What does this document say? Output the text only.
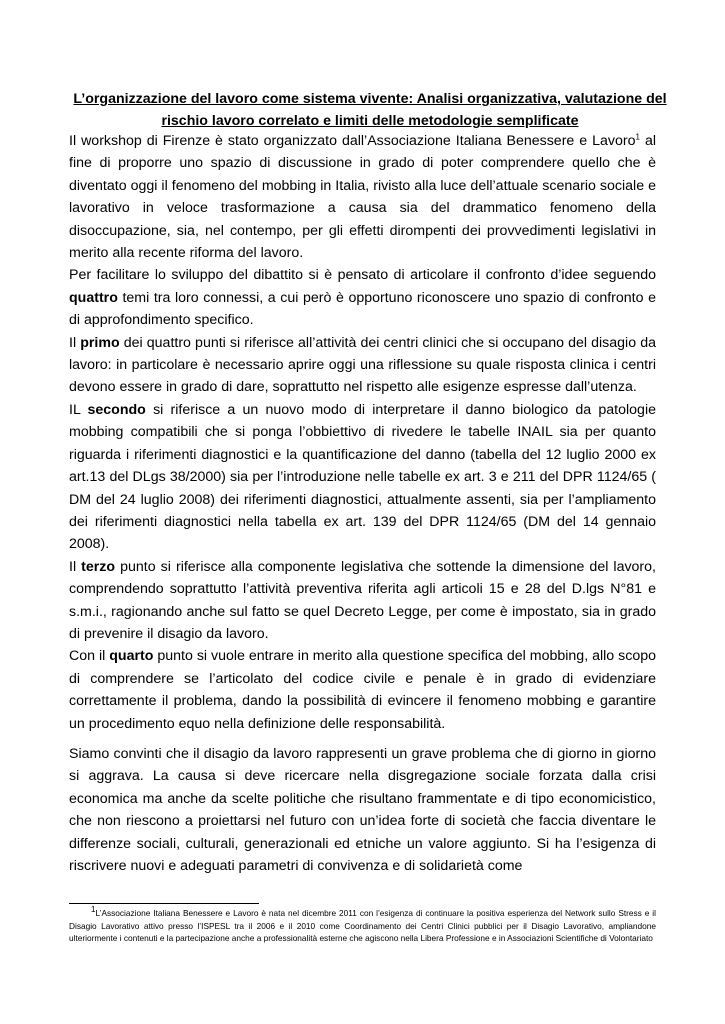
L’organizzazione del lavoro come sistema vivente: Analisi organizzativa, valutazione del rischio lavoro correlato e limiti delle metodologie semplificate

Il workshop di Firenze è stato organizzato dall’Associazione Italiana Benessere e Lavoro$^1$ al fine di proporre uno spazio di discussione in grado di poter comprendere quello che è diventato oggi il fenomeno del mobbing in Italia, rivisto alla luce dell’attuale scenario sociale e lavorativo in veloce trasformazione a causa sia del drammatico fenomeno della disoccupazione, sia, nel contempo, per gli effetti dirompenti dei provvedimenti legislativi in merito alla recente riforma del lavoro.

Per facilitare lo sviluppo del dibattito si è pensato di articolare il confronto d’idee seguendo quattro temi tra loro connessi, a cui però è opportuno riconoscere uno spazio di confronto e di approfondimento specifico.

Il primo dei quattro punti si riferisce all’attività dei centri clinici che si occupano del disagio da lavoro: in particolare è necessario aprire oggi una riflessione su quale risposta clinica i centri devono essere in grado di dare, soprattutto nel rispetto alle esigenze espresse dall’utenza.

IL secondo si riferisce a un nuovo modo di interpretare il danno biologico da patologie mobbing compatibili che si ponga l’obbiettivo di rivedere le tabelle INAIL sia per quanto riguarda i riferimenti diagnostici e la quantificazione del danno (tabella del 12 luglio 2000 ex art.13 del DLgs 38/2000) sia per l’introduzione nelle tabelle ex art. 3 e 211 del DPR 1124/65 ( DM del 24 luglio 2008) dei riferimenti diagnostici, attualmente assenti, sia per l’ampliamento dei riferimenti diagnostici nella tabella ex art. 139 del DPR 1124/65 (DM del 14 gennaio 2008).

Il terzo punto si riferisce alla componente legislativa che sottende la dimensione del lavoro, comprendendo soprattutto l’attività preventiva riferita agli articoli 15 e 28 del D.lgs N°81 e s.m.i., ragionando anche sul fatto se quel Decreto Legge, per come è impostato, sia in grado di prevenire il disagio da lavoro.

Con il quarto punto si vuole entrare in merito alla questione specifica del mobbing, allo scopo di comprendere se l’articolato del codice civile e penale è in grado di evidenziare correttamente il problema, dando la possibilità di evincere il fenomeno mobbing e garantire un procedimento equo nella definizione delle responsabilità.

Siamo convinti che il disagio da lavoro rappresenti un grave problema che di giorno in giorno si aggrava. La causa si deve ricercare nella disgregazione sociale forzata dalla crisi economica ma anche da scelte politiche che risultano frammentate e di tipo economicistico, che non riescono a proiettarsi nel futuro con un’idea forte di società che faccia diventare le differenze sociali, culturali, generazionali ed etniche un valore aggiunto. Si ha l’esigenza di riscrivere nuovi e adeguati parametri di convivenza e di solidarietà come

$^1$L’Associazione Italiana Benessere e Lavoro è nata nel dicembre 2011 con l’esigenza di continuare la positiva esperienza del Network sullo Stress e il Disagio Lavorativo attivo presso l’ISPESL tra il 2006 e il 2010 come Coordinamento dei Centri Clinici pubblici per il Disagio Lavorativo, ampliandone ulteriormente i contenuti e la partecipazione anche a professionalità esterne che agiscono nella Libera Professione e in Associazioni Scientifiche di Volontariato
